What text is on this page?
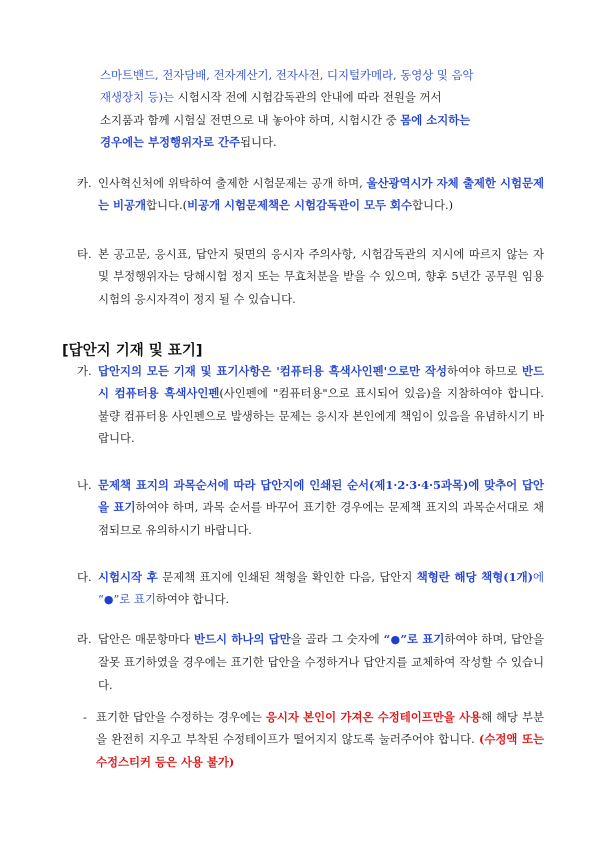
스마트밴드, 전자담배, 전자계산기, 전자사전, 디지털카메라, 동영상 및 음악
재생장치 등)는 시험시작 전에 시험감독관의 안내에 따라 전원을 꺼서
소지품과 함께 시험실 전면으로 내 놓아야 하며, 시험시간 중 몸에 소지하는
경우에는 부정행위자로 간주됩니다.
카. 인사혁신처에 위탁하여 출제한 시험문제는 공개 하며, 울산광역시가 자체 출제한 시험문제는 비공개합니다.(비공개 시험문제책은 시험감독관이 모두 회수합니다.)
타. 본 공고문, 응시표, 답안지 뒷면의 응시자 주의사항, 시험감독관의 지시에 따르지 않는 자 및 부정행위자는 당해시험 정지 또는 무효처분을 받을 수 있으며, 향후 5년간 공무원 임용시험의 응시자격이 정지 될 수 있습니다.
[답안지 기재 및 표기]
가. 답안지의 모든 기재 및 표기사항은 '컴퓨터용 흑색사인펜'으로만 작성하여야 하므로 반드시 컴퓨터용 흑색사인펜(사인펜에 "컴퓨터용"으로 표시되어 있음)을 지참하여야 합니다. 불량 컴퓨터용 사인펜으로 발생하는 문제는 응시자 본인에게 책임이 있음을 유념하시기 바랍니다.
나. 문제책 표지의 과목순서에 따라 답안지에 인쇄된 순서(제1·2·3·4·5과목)에 맞추어 답안을 표기하여야 하며, 과목 순서를 바꾸어 표기한 경우에는 문제책 표지의 과목순서대로 채점되므로 유의하시기 바랍니다.
다. 시험시작 후 문제책 표지에 인쇄된 책형을 확인한 다음, 답안지 책형란 해당 책형(1개)에 “●”로 표기하여야 합니다.
라. 답안은 매문항마다 반드시 하나의 답만을 골라 그 숫자에 “●”로 표기하여야 하며, 답안을 잘못 표기하였을 경우에는 표기한 답안을 수정하거나 답안지를 교체하여 작성할 수 있습니다.
- 표기한 답안을 수정하는 경우에는 응시자 본인이 가져온 수정테이프만을 사용해 해당 부분을 완전히 지우고 부착된 수정테이프가 떨어지지 않도록 눌러주어야 합니다. (수정액 또는 수정스티커 등은 사용 불가)
